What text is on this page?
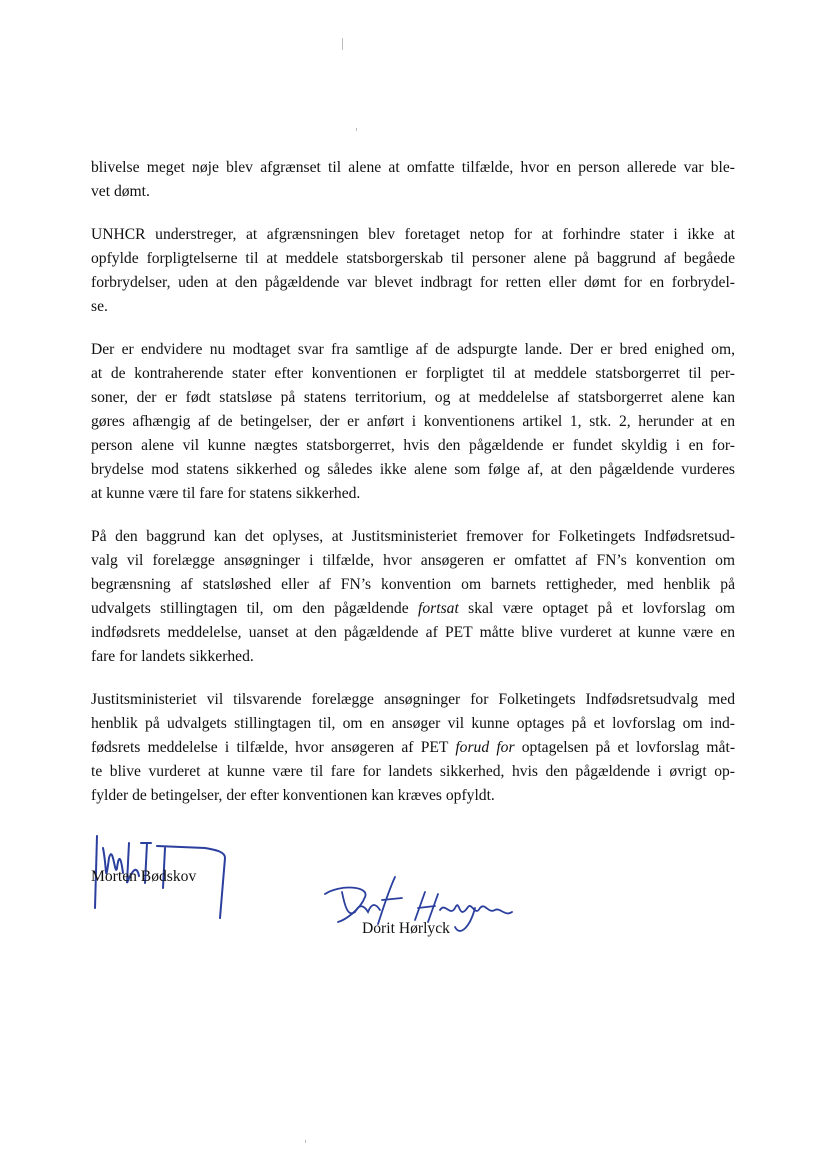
blivelse meget nøje blev afgrænset til alene at omfatte tilfælde, hvor en person allerede var ble-
vet dømt.
UNHCR understreger, at afgrænsningen blev foretaget netop for at forhindre stater i ikke at
opfylde forpligtelserne til at meddele statsborgerskab til personer alene på baggrund af begåede
forbrydelser, uden at den pågældende var blevet indbragt for retten eller dømt for en forbrydel-
se.
Der er endvidere nu modtaget svar fra samtlige af de adspurgte lande. Der er bred enighed om,
at de kontraherende stater efter konventionen er forpligtet til at meddele statsborgerret til per-
soner, der er født statsløse på statens territorium, og at meddelelse af statsborgerret alene kan
gøres afhængig af de betingelser, der er anført i konventionens artikel 1, stk. 2, herunder at en
person alene vil kunne nægtes statsborgerret, hvis den pågældende er fundet skyldig i en for-
brydelse mod statens sikkerhed og således ikke alene som følge af, at den pågældende vurderes
at kunne være til fare for statens sikkerhed.
På den baggrund kan det oplyses, at Justitsministeriet fremover for Folketingets Indfødsretsud-
valg vil forelægge ansøgninger i tilfælde, hvor ansøgeren er omfattet af FN’s konvention om
begrænsning af statsløshed eller af FN’s konvention om barnets rettigheder, med henblik på
udvalgets stillingtagen til, om den pågældende fortsat skal være optaget på et lovforslag om
indfødsrets meddelelse, uanset at den pågældende af PET måtte blive vurderet at kunne være en
fare for landets sikkerhed.
Justitsministeriet vil tilsvarende forelægge ansøgninger for Folketingets Indfødsretsudvalg med
henblik på udvalgets stillingtagen til, om en ansøger vil kunne optages på et lovforslag om ind-
fødsrets meddelelse i tilfælde, hvor ansøgeren af PET forud for optagelsen på et lovforslag måt-
te blive vurderet at kunne være til fare for landets sikkerhed, hvis den pågældende i øvrigt op-
fylder de betingelser, der efter konventionen kan kræves opfyldt.
Morten Bødskov
Dorit Hørlyck
